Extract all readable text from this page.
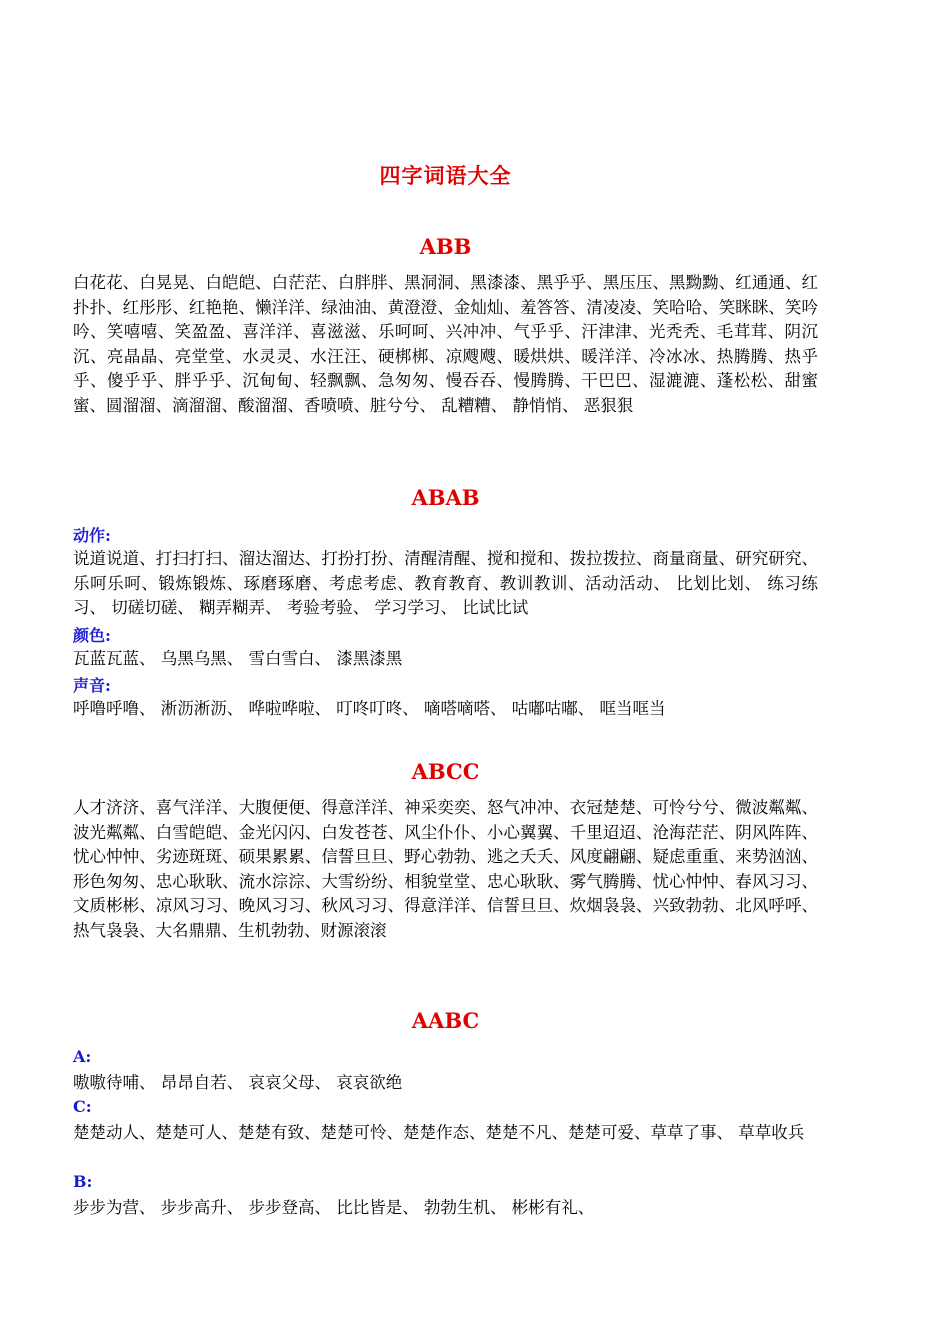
四字词语大全
ABB
白花花、白晃晃、白皑皑、白茫茫、白胖胖、黑洞洞、黑漆漆、黑乎乎、黑压压、黑黝黝、红通通、红扑扑、红彤彤、红艳艳、懒洋洋、绿油油、黄澄澄、金灿灿、羞答答、清凌凌、笑哈哈、笑眯眯、笑吟吟、笑嘻嘻、笑盈盈、喜洋洋、喜滋滋、乐呵呵、兴冲冲、气乎乎、汗津津、光秃秃、毛茸茸、阴沉沉、亮晶晶、亮堂堂、水灵灵、水汪汪、硬梆梆、凉飕飕、暖烘烘、暖洋洋、冷冰冰、热腾腾、热乎乎、傻乎乎、胖乎乎、沉甸甸、轻飘飘、急匆匆、慢吞吞、慢腾腾、干巴巴、湿漉漉、蓬松松、甜蜜蜜、圆溜溜、滴溜溜、酸溜溜、香喷喷、脏兮兮、 乱糟糟、 静悄悄、 恶狠狠
ABAB
动作:
说道说道、打扫打扫、溜达溜达、打扮打扮、清醒清醒、搅和搅和、拨拉拨拉、商量商量、研究研究、乐呵乐呵、锻炼锻炼、琢磨琢磨、考虑考虑、教育教育、教训教训、活动活动、 比划比划、 练习练习、 切磋切磋、 糊弄糊弄、 考验考验、 学习学习、 比试比试
颜色:
瓦蓝瓦蓝、 乌黑乌黑、 雪白雪白、 漆黑漆黑
声音:
呼噜呼噜、 淅沥淅沥、 哗啦哗啦、 叮咚叮咚、 嘀嗒嘀嗒、 咕嘟咕嘟、 哐当哐当
ABCC
人才济济、喜气洋洋、大腹便便、得意洋洋、神采奕奕、怒气冲冲、衣冠楚楚、可怜兮兮、微波粼粼、波光粼粼、白雪皑皑、金光闪闪、白发苍苍、风尘仆仆、小心翼翼、千里迢迢、沧海茫茫、阴风阵阵、忧心忡忡、劣迹斑斑、硕果累累、信誓旦旦、野心勃勃、逃之夭夭、风度翩翩、疑虑重重、来势汹汹、形色匆匆、忠心耿耿、流水淙淙、大雪纷纷、相貌堂堂、忠心耿耿、雾气腾腾、忧心忡忡、春风习习、文质彬彬、凉风习习、晚风习习、秋风习习、得意洋洋、信誓旦旦、炊烟袅袅、兴致勃勃、北风呼呼、热气袅袅、大名鼎鼎、生机勃勃、财源滚滚
AABC
A:
嗷嗷待哺、 昂昂自若、 哀哀父母、 哀哀欲绝
C:
楚楚动人、楚楚可人、楚楚有致、楚楚可怜、楚楚作态、楚楚不凡、楚楚可爱、草草了事、 草草收兵
B:
步步为营、 步步高升、 步步登高、 比比皆是、 勃勃生机、 彬彬有礼、
